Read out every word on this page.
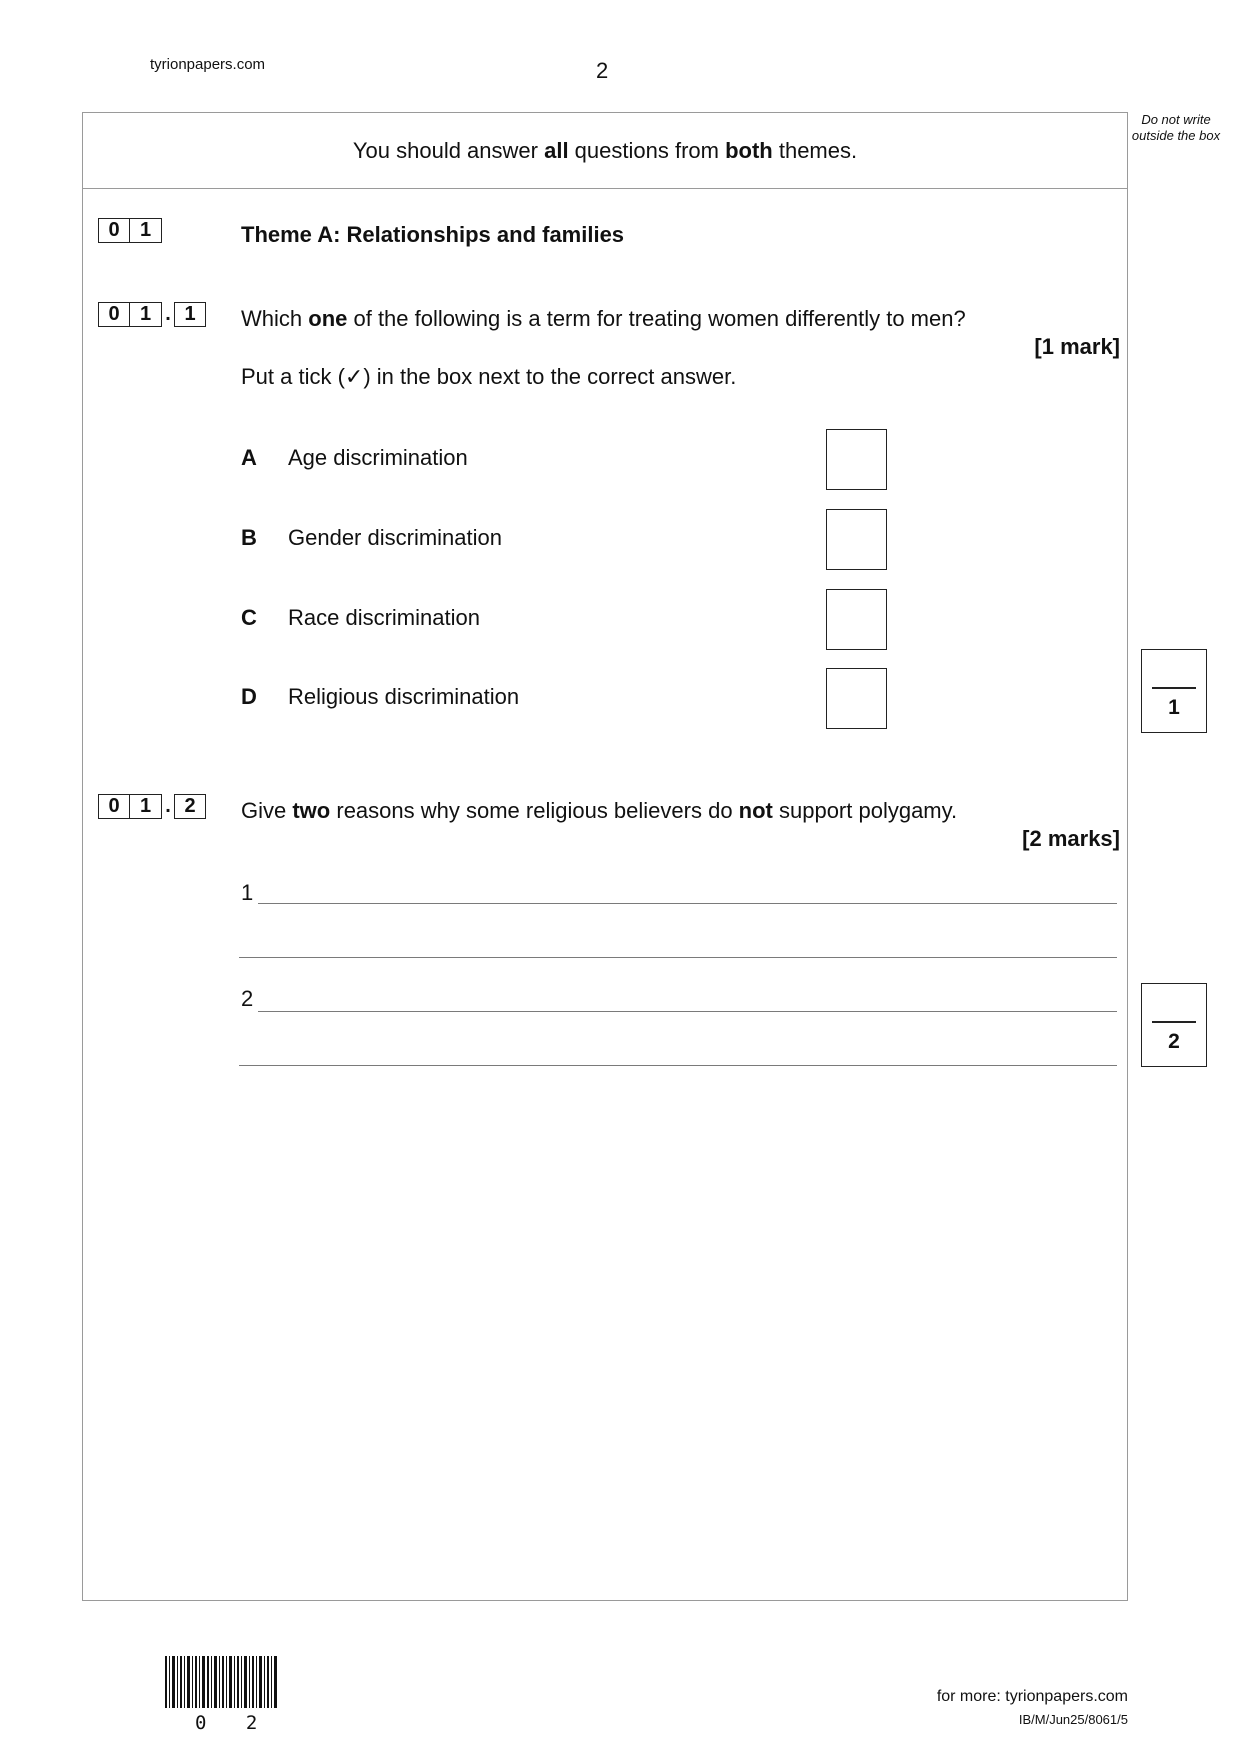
tyrionpapers.com	2
Do not write outside the box
You should answer all questions from both themes.
0	1	Theme A: Relationships and families
0	1 . 1	Which one of the following is a term for treating women differently to men?
[1 mark]
Put a tick (✓) in the box next to the correct answer.
A Age discrimination
B Gender discrimination
C Race discrimination
D Religious discrimination	1
0	1 . 2	Give two reasons why some religious believers do not support polygamy.
[2 marks]
1
2
2
0 2
for more: tyrionpapers.com
IB/M/Jun25/8061/5
